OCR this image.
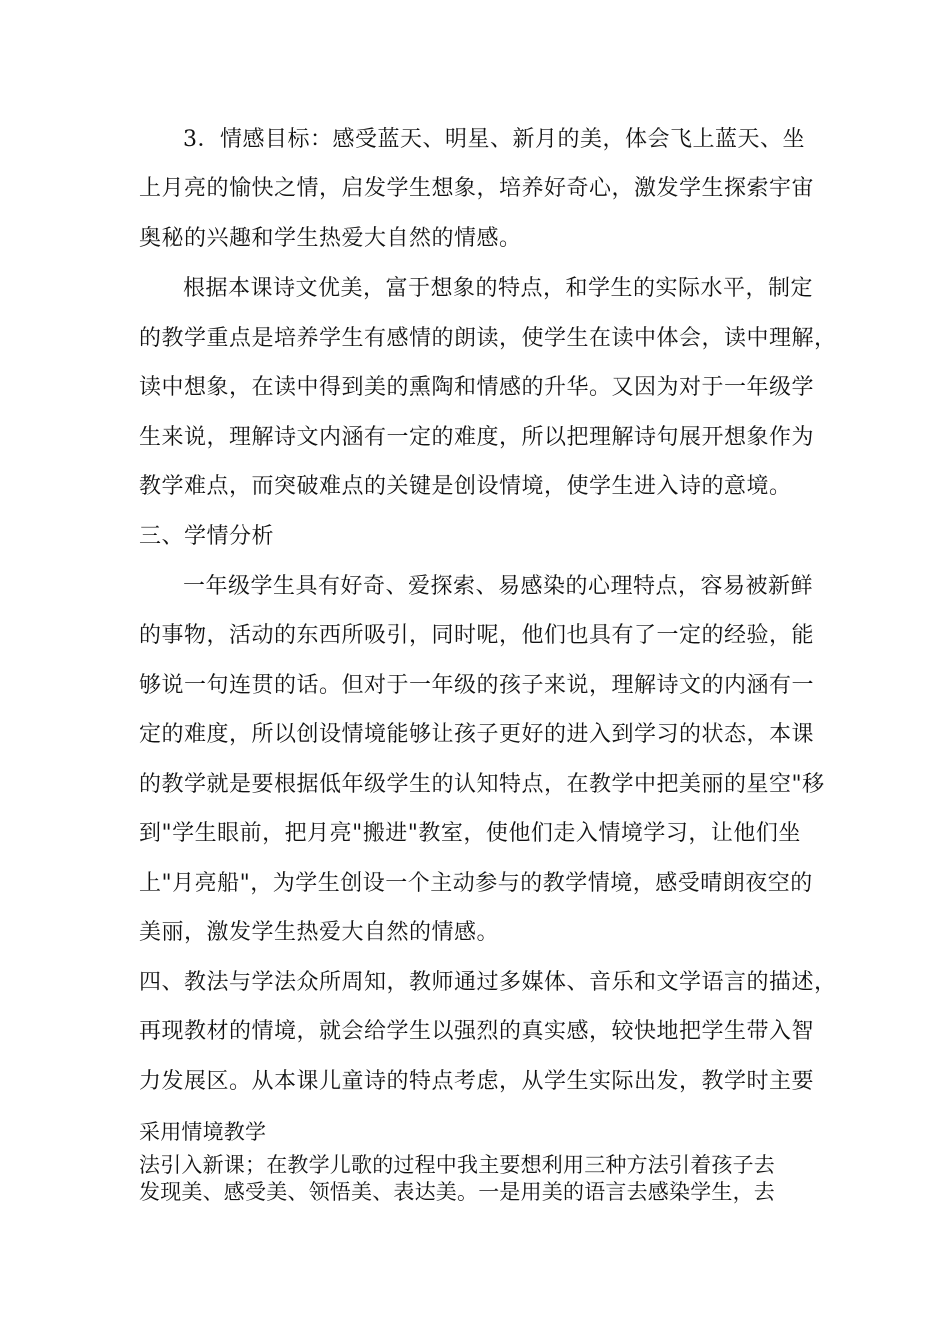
3．情感目标：感受蓝天、明星、新月的美，体会飞上蓝天、坐
上月亮的愉快之情，启发学生想象，培养好奇心，激发学生探索宇宙
奥秘的兴趣和学生热爱大自然的情感。
根据本课诗文优美，富于想象的特点，和学生的实际水平，制定
的教学重点是培养学生有感情的朗读，使学生在读中体会，读中理解，
读中想象，在读中得到美的熏陶和情感的升华。又因为对于一年级学
生来说，理解诗文内涵有一定的难度，所以把理解诗句展开想象作为
教学难点，而突破难点的关键是创设情境，使学生进入诗的意境。
三、学情分析
一年级学生具有好奇、爱探索、易感染的心理特点，容易被新鲜
的事物，活动的东西所吸引，同时呢，他们也具有了一定的经验，能
够说一句连贯的话。但对于一年级的孩子来说，理解诗文的内涵有一
定的难度，所以创设情境能够让孩子更好的进入到学习的状态，本课
的教学就是要根据低年级学生的认知特点，在教学中把美丽的星空"移
到"学生眼前，把月亮"搬进"教室，使他们走入情境学习，让他们坐
上"月亮船"，为学生创设一个主动参与的教学情境，感受晴朗夜空的
美丽，激发学生热爱大自然的情感。
四、教法与学法众所周知，教师通过多媒体、音乐和文学语言的描述，
再现教材的情境，就会给学生以强烈的真实感，较快地把学生带入智
力发展区。从本课儿童诗的特点考虑，从学生实际出发，教学时主要
采用情境教学
法引入新课；在教学儿歌的过程中我主要想利用三种方法引着孩子去
发现美、感受美、领悟美、表达美。一是用美的语言去感染学生，去
